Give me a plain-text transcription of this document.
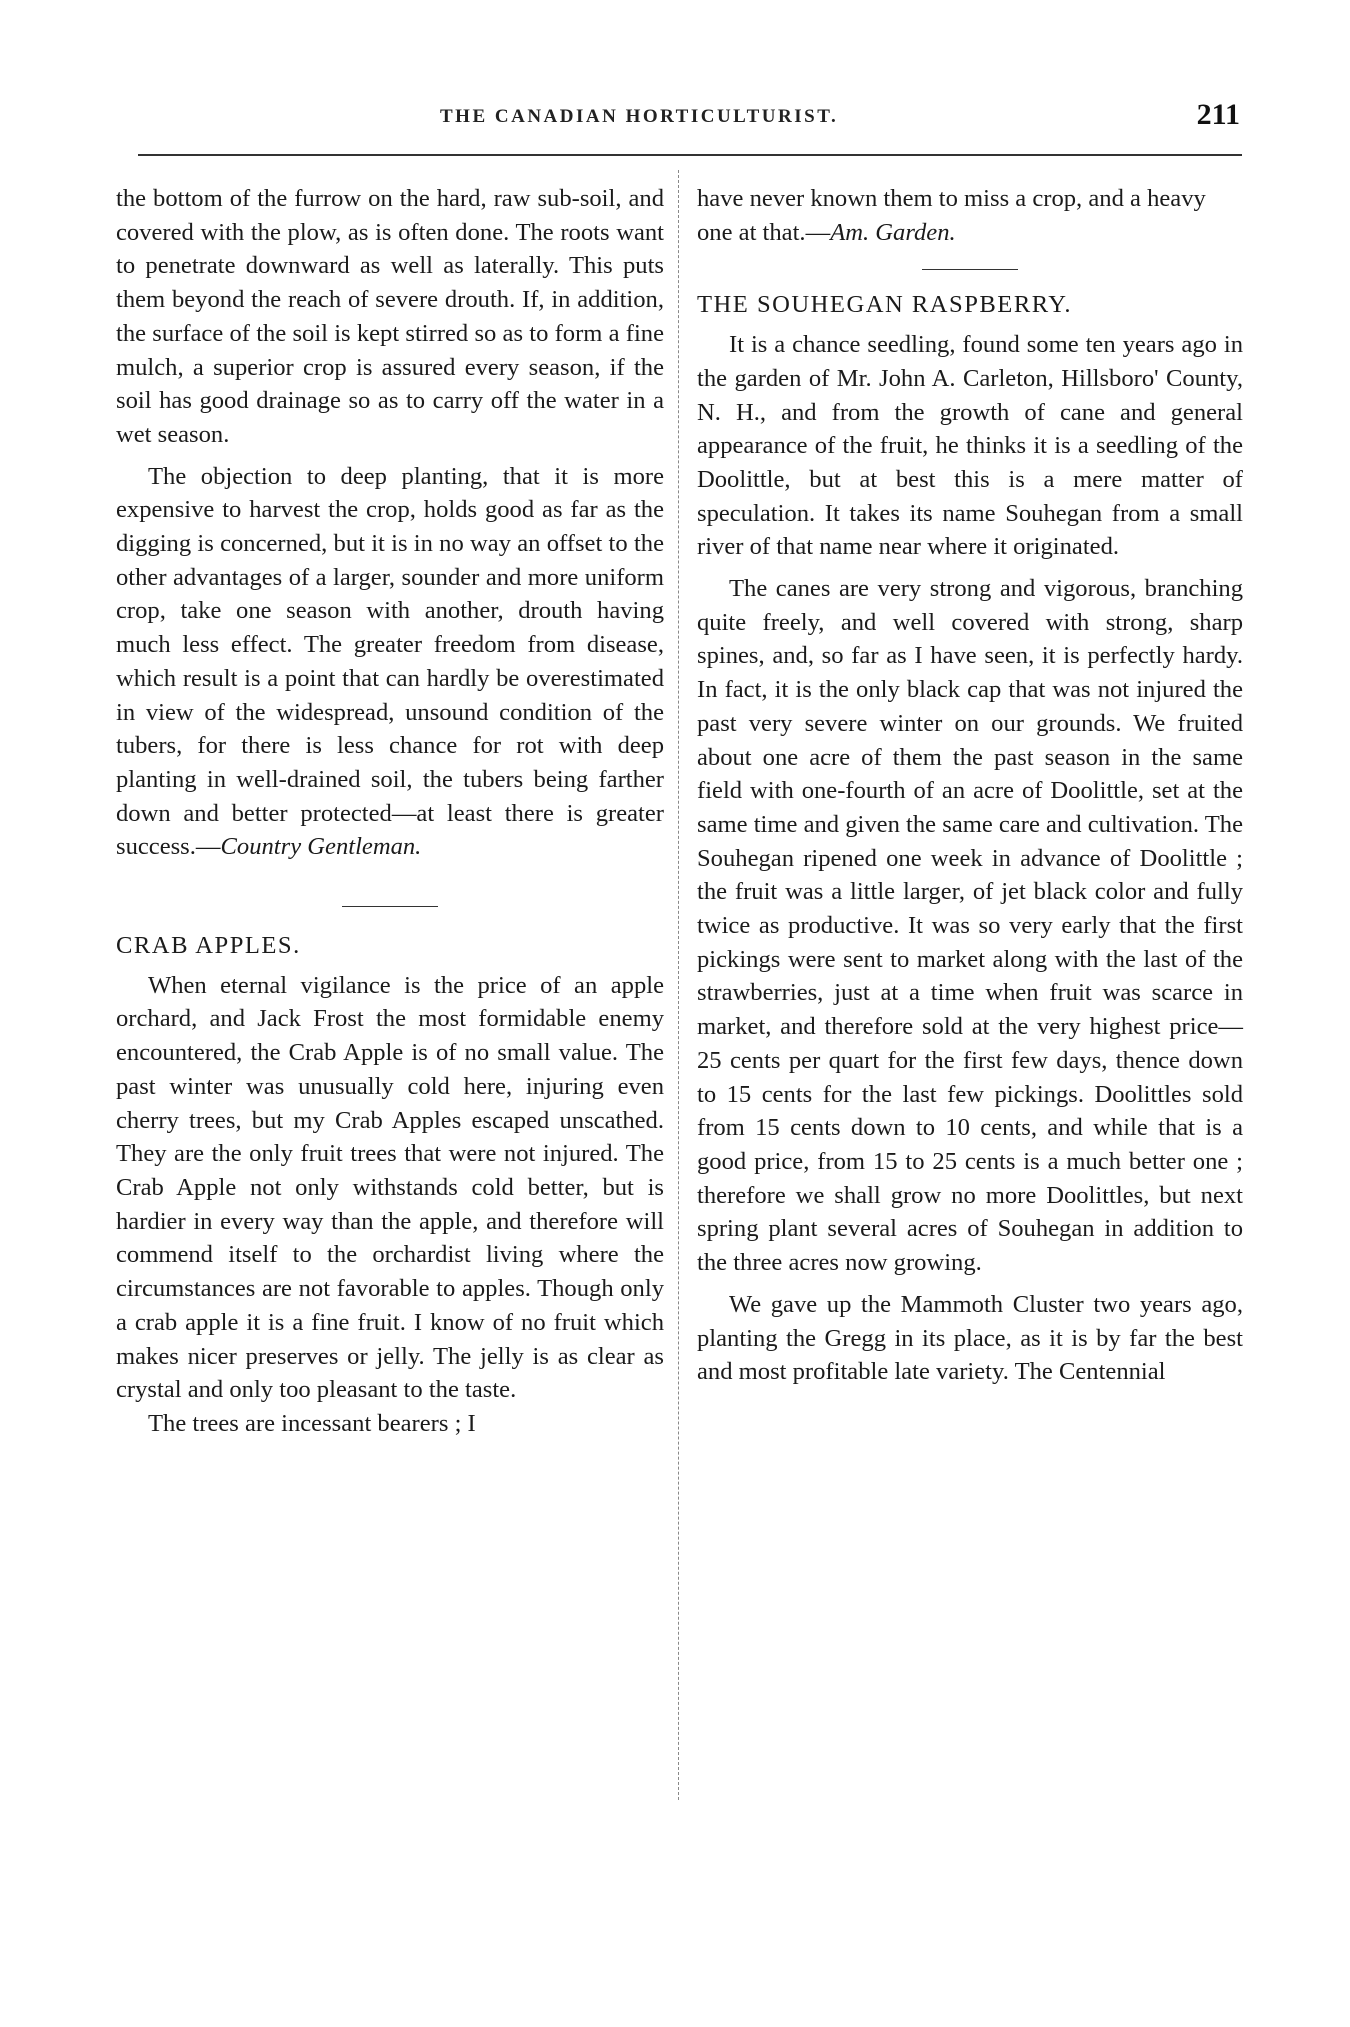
THE CANADIAN HORTICULTURIST.	211

the bottom of the furrow on the hard, raw sub-soil, and covered with the plow, as is often done. The roots want to penetrate downward as well as laterally. This puts them beyond the reach of severe drouth. If, in addition, the surface of the soil is kept stirred so as to form a fine mulch, a superior crop is assured every season, if the soil has good drainage so as to carry off the water in a wet season.

The objection to deep planting, that it is more expensive to harvest the crop, holds good as far as the digging is concerned, but it is in no way an offset to the other advantages of a larger, sounder and more uniform crop, take one season with another, drouth having much less effect. The greater freedom from disease, which result is a point that can hardly be overestimated in view of the widespread, unsound condition of the tubers, for there is less chance for rot with deep planting in well-drained soil, the tubers being farther down and better protected—at least there is greater success.—Country Gentleman.

CRAB APPLES.

When eternal vigilance is the price of an apple orchard, and Jack Frost the most formidable enemy encountered, the Crab Apple is of no small value. The past winter was unusually cold here, injuring even cherry trees, but my Crab Apples escaped unscathed. They are the only fruit trees that were not injured. The Crab Apple not only withstands cold better, but is hardier in every way than the apple, and therefore will commend itself to the orchardist living where the circumstances are not favorable to apples. Though only a crab apple it is a fine fruit. I know of no fruit which makes nicer preserves or jelly. The jelly is as clear as crystal and only too pleasant to the taste.

The trees are incessant bearers ; I

have never known them to miss a crop, and a heavy one at that.—Am. Garden.

THE SOUHEGAN RASPBERRY.

It is a chance seedling, found some ten years ago in the garden of Mr. John A. Carleton, Hillsboro' County, N. H., and from the growth of cane and general appearance of the fruit, he thinks it is a seedling of the Doolittle, but at best this is a mere matter of speculation. It takes its name Souhegan from a small river of that name near where it originated.

The canes are very strong and vigorous, branching quite freely, and well covered with strong, sharp spines, and, so far as I have seen, it is perfectly hardy. In fact, it is the only black cap that was not injured the past very severe winter on our grounds. We fruited about one acre of them the past season in the same field with one-fourth of an acre of Doolittle, set at the same time and given the same care and cultivation. The Souhegan ripened one week in advance of Doolittle ; the fruit was a little larger, of jet black color and fully twice as productive. It was so very early that the first pickings were sent to market along with the last of the strawberries, just at a time when fruit was scarce in market, and therefore sold at the very highest price—25 cents per quart for the first few days, thence down to 15 cents for the last few pickings. Doolittles sold from 15 cents down to 10 cents, and while that is a good price, from 15 to 25 cents is a much better one ; therefore we shall grow no more Doolittles, but next spring plant several acres of Souhegan in addition to the three acres now growing.

We gave up the Mammoth Cluster two years ago, planting the Gregg in its place, as it is by far the best and most profitable late variety. The Centennial
